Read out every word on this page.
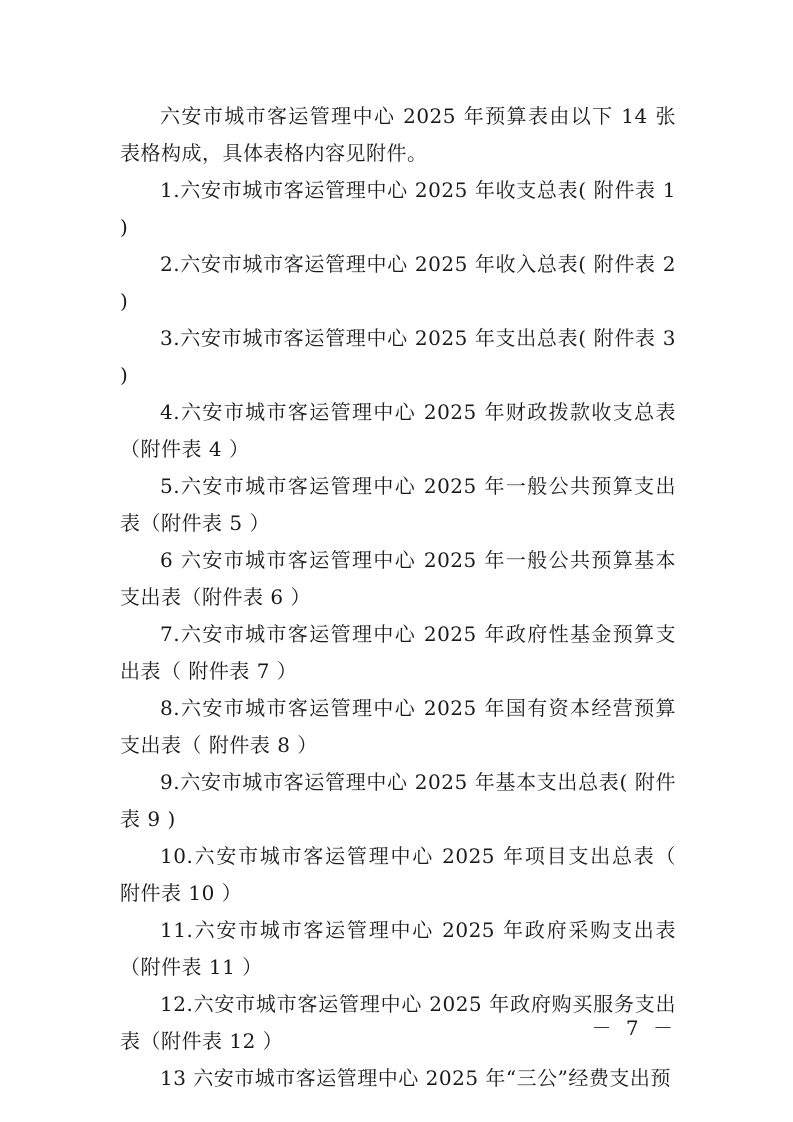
六安市城市客运管理中心 2025 年预算表由以下 14 张表格构成，具体表格内容见附件。

1.六安市城市客运管理中心 2025 年收支总表( 附件表 1 )

2.六安市城市客运管理中心 2025 年收入总表( 附件表 2 )

3.六安市城市客运管理中心 2025 年支出总表( 附件表 3 )

4.六安市城市客运管理中心 2025 年财政拨款收支总表（附件表 4 ）

5.六安市城市客运管理中心 2025 年一般公共预算支出表（附件表 5 ）

6 六安市城市客运管理中心 2025 年一般公共预算基本支出表（附件表 6 ）

7.六安市城市客运管理中心 2025 年政府性基金预算支出表（ 附件表 7 ）

8.六安市城市客运管理中心 2025 年国有资本经营预算支出表（ 附件表 8 ）

9.六安市城市客运管理中心 2025 年基本支出总表( 附件表 9 )

10.六安市城市客运管理中心 2025 年项目支出总表（ 附件表 10 ）

11.六安市城市客运管理中心 2025 年政府采购支出表（附件表 11 ）

12.六安市城市客运管理中心 2025 年政府购买服务支出表（附件表 12 ）

13 六安市城市客运管理中心 2025 年“三公”经费支出预

－ 7 －
